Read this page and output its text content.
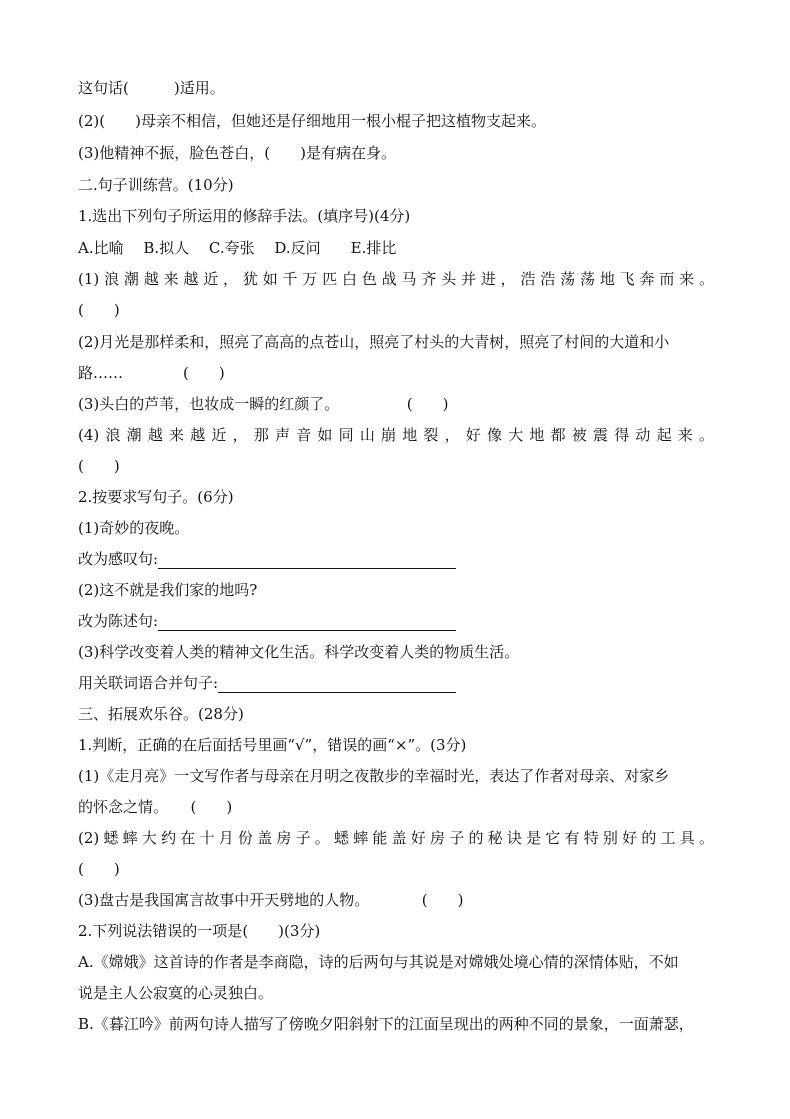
这句话(　　　)适用。
(2)(　　)母亲不相信，但她还是仔细地用一根小棍子把这植物支起来。
(3)他精神不振，脸色苍白，(　　)是有病在身。
二.句子训练营。(10分)
1.选出下列句子所运用的修辞手法。(填序号)(4分)
A.比喻　 B.拟人　 C.夸张　 D.反问　　E.排比
(1)浪潮越来越近，犹如千万匹白色战马齐头并进，浩浩荡荡地飞奔而来。
(　　)
(2)月光是那样柔和，照亮了高高的点苍山，照亮了村头的大青树，照亮了村间的大道和小
路……　　　　(　　)
(3)头白的芦苇，也妆成一瞬的红颜了。　　　　　(　　)
(4)浪潮越来越近，那声音如同山崩地裂，好像大地都被震得动起来。
(　　)
2.按要求写句子。(6分)
(1)奇妙的夜晚。
改为感叹句:
(2)这不就是我们家的地吗?
改为陈述句:
(3)科学改变着人类的精神文化生活。科学改变着人类的物质生活。
用关联词语合并句子:
三、拓展欢乐谷。(28分)
1.判断，正确的在后面括号里画“√”，错误的画“×”。(3分)
(1)《走月亮》一文写作者与母亲在月明之夜散步的幸福时光，表达了作者对母亲、对家乡
的怀念之情。　　(　　)
(2)蟋蟀大约在十月份盖房子。蟋蟀能盖好房子的秘诀是它有特别好的工具。
(　　)
(3)盘古是我国寓言故事中开天劈地的人物。　　　　(　　)
2.下列说法错误的一项是(　　)(3分)
A.《嫦娥》这首诗的作者是李商隐，诗的后两句与其说是对嫦娥处境心情的深情体贴，不如
说是主人公寂寞的心灵独白。
B.《暮江吟》前两句诗人描写了傍晚夕阳斜射下的江面呈现出的两种不同的景象，一面萧瑟，
